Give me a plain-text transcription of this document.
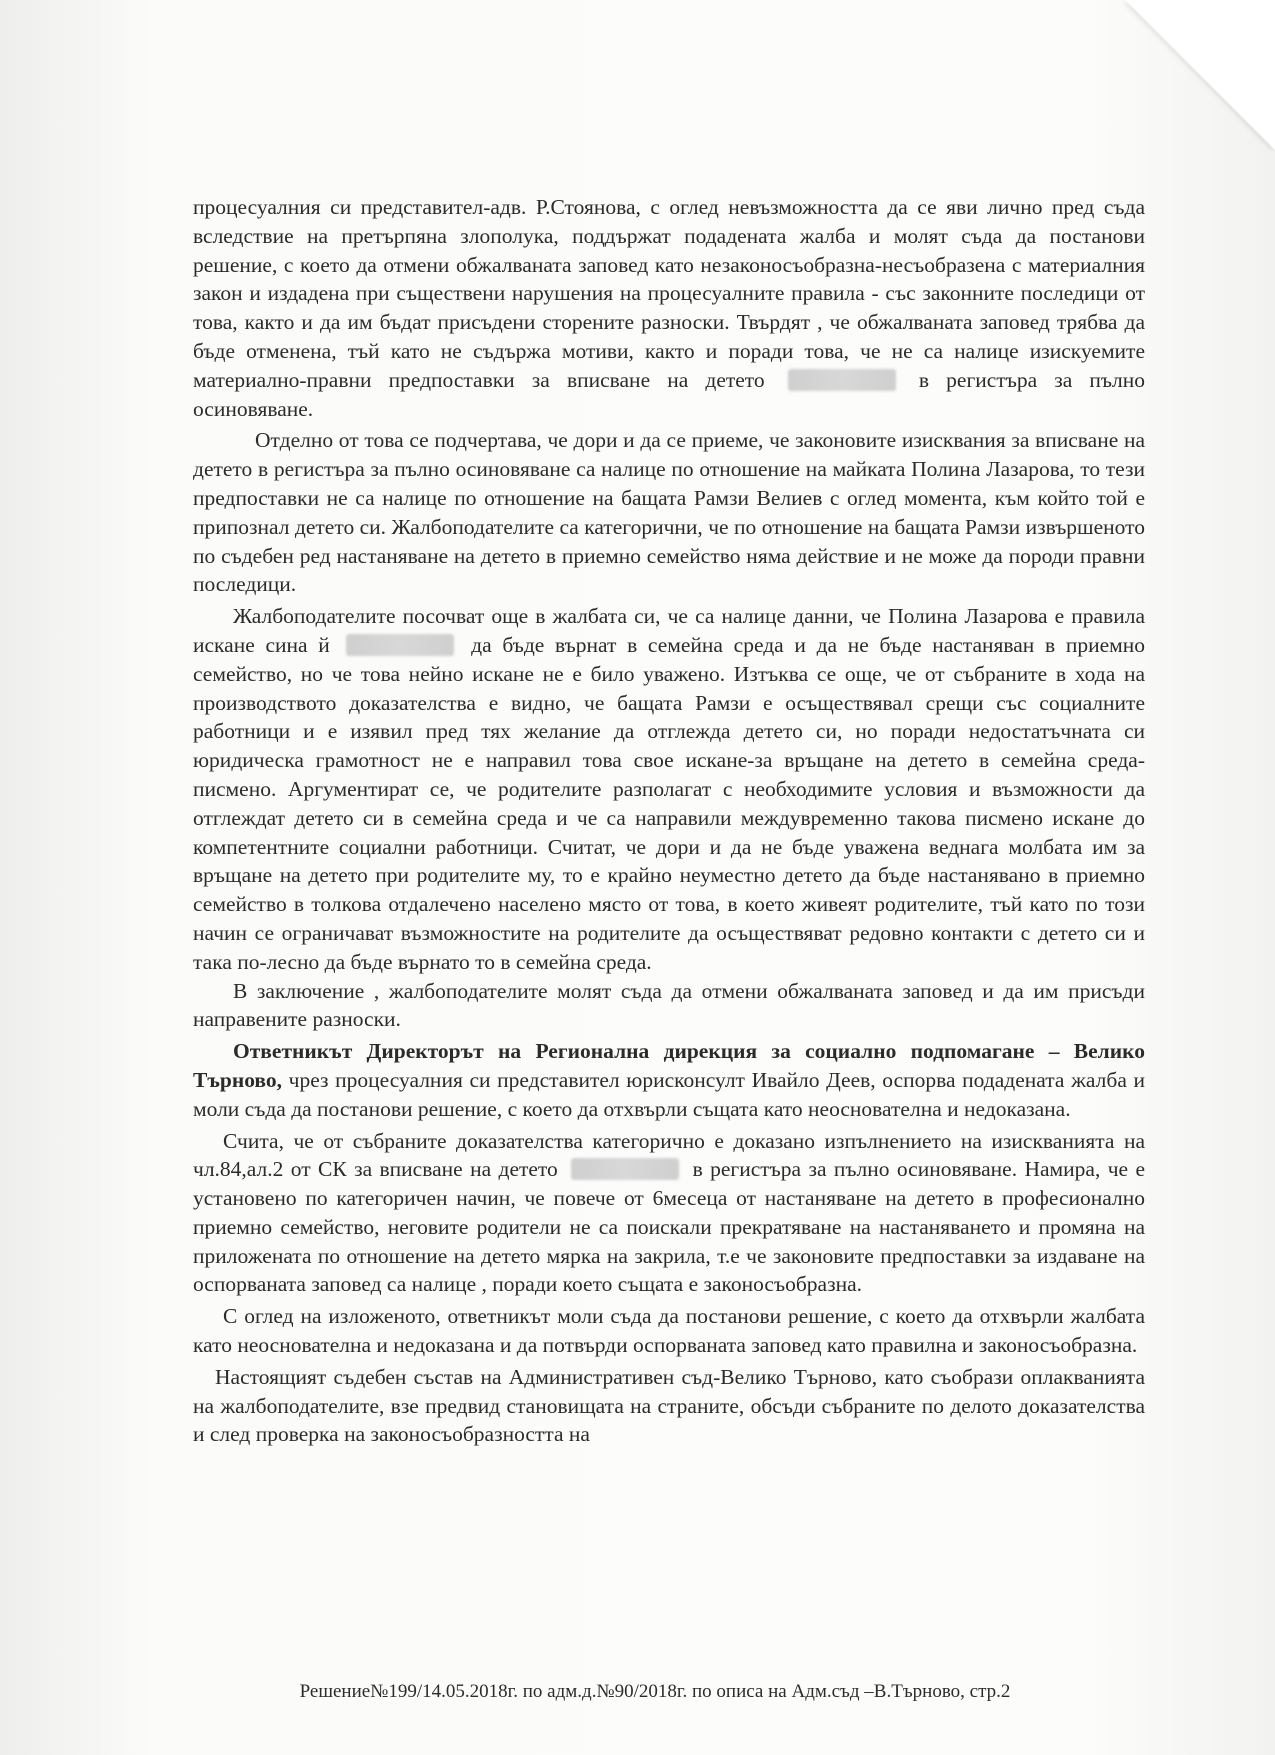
процесуалния си представител-адв. Р.Стоянова, с оглед невъзможността да се яви лично пред съда вследствие на претърпяна злополука, поддържат подадената жалба и молят съда да постанови решение, с което да отмени обжалваната заповед като незаконосъобразна-несъобразена с материалния закон и издадена при съществени нарушения на процесуалните правила - със законните последици от това, както и да им бъдат присъдени сторените разноски. Твърдят , че обжалваната заповед трябва да бъде отменена, тъй като не съдържа мотиви, както и поради това, че не са налице изискуемите материално-правни предпоставки за вписване на детето	в регистъра за пълно осиновяване.

Отделно от това се подчертава, че дори и да се приеме, че законовите изисквания за вписване на детето в регистъра за пълно осиновяване са налице по отношение на майката Полина Лазарова, то тези предпоставки не са налице по отношение на бащата Рамзи Велиев с оглед момента, към който той е припознал детето си. Жалбоподателите са категорични, че по отношение на бащата Рамзи извършеното по съдебен ред настаняване на детето в приемно семейство няма действие и не може да породи правни последици.

Жалбоподателите посочват още в жалбата си, че са налице данни, че Полина Лазарова е правила искане сина й	да бъде върнат в семейна среда и да не бъде настаняван в приемно семейство, но че това нейно искане не е било уважено. Изтъква се още, че от събраните в хода на производството доказателства е видно, че бащата Рамзи е осъществявал срещи със социалните работници и е изявил пред тях желание да отглежда детето си, но поради недостатъчната си юридическа грамотност не е направил това свое искане-за връщане на детето в семейна среда-писмено. Аргументират се, че родителите разполагат с необходимите условия и възможности да отглеждат детето си в семейна среда и че са направили междувременно такова писмено искане до компетентните социални работници. Считат, че дори и да не бъде уважена веднага молбата им за връщане на детето при родителите му, то е крайно неуместно детето да бъде настанявано в приемно семейство в толкова отдалечено населено място от това, в което живеят родителите, тъй като по този начин се ограничават възможностите на родителите да осъществяват редовно контакти с детето си и така по-лесно да бъде върнато то в семейна среда.

В заключение , жалбоподателите молят съда да отмени обжалваната заповед и да им присъди направените разноски.

Ответникът Директорът на Регионална дирекция за социално подпомагане – Велико Търново, чрез процесуалния си представител юрисконсулт Ивайло Деев, оспорва подадената жалба и моли съда да постанови решение, с което да отхвърли същата като неоснователна и недоказана.

Счита, че от събраните доказателства категорично е доказано изпълнението на изискванията на чл.84,ал.2 от СК за вписване на детето	в регистъра за пълно осиновяване. Намира, че е установено по категоричен начин, че повече от 6месеца от настаняване на детето в професионално приемно семейство, неговите родители не са поискали прекратяване на настаняването и промяна на приложената по отношение на детето мярка на закрила, т.е че законовите предпоставки за издаване на оспорваната заповед са налице , поради което същата е законосъобразна.

С оглед на изложеното, ответникът моли съда да постанови решение, с което да отхвърли жалбата като неоснователна и недоказана и да потвърди оспорваната заповед като правилна и законосъобразна.

Настоящият съдебен състав на Административен съд-Велико Търново, като съобрази оплакванията на жалбоподателите, взе предвид становищата на страните, обсъди събраните по делото доказателства и след проверка на законосъобразността на

Решение№199/14.05.2018г. по адм.д.№90/2018г. по описа на Адм.съд –В.Търново, стр.2
